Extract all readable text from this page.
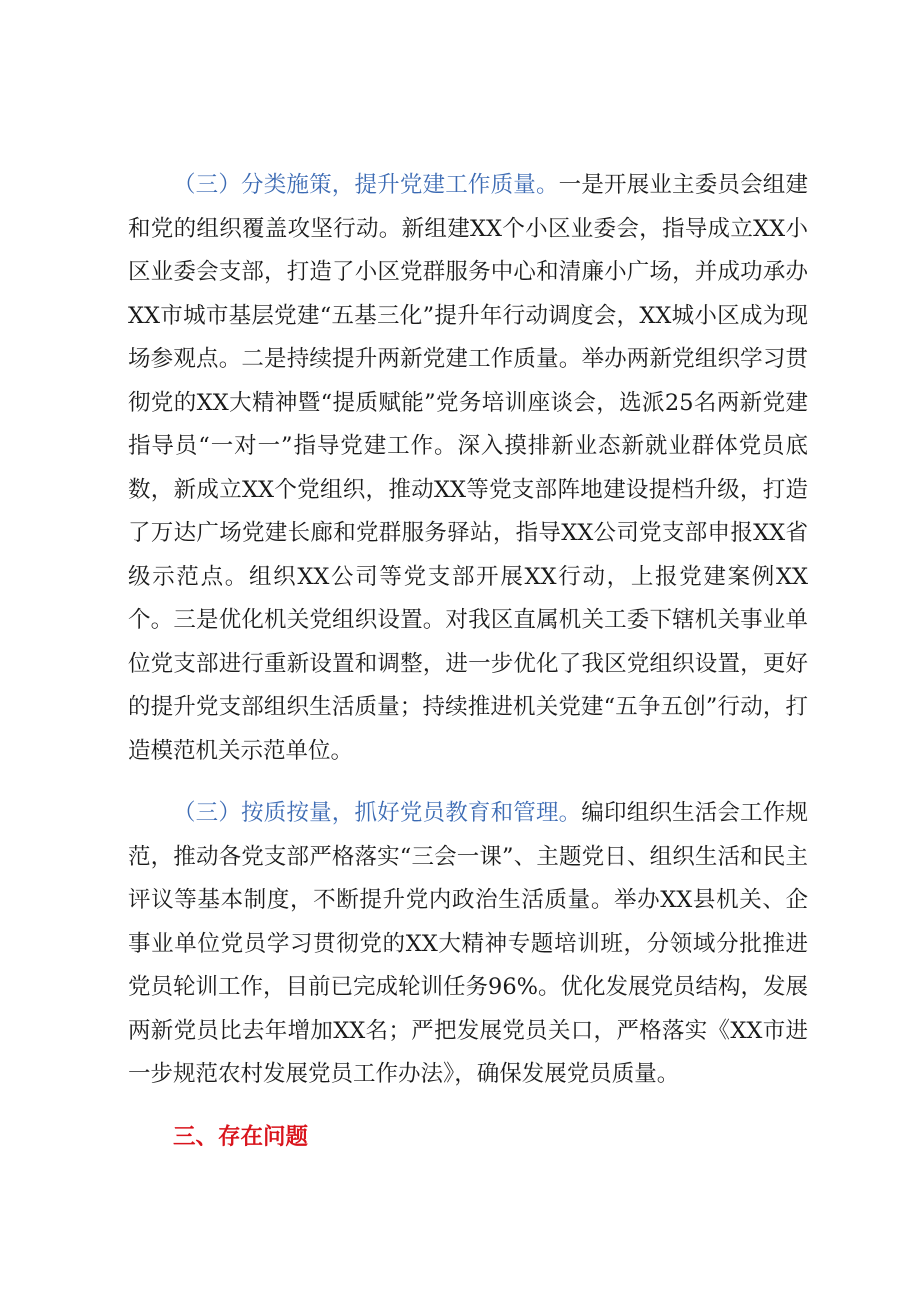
（三）分类施策，提升党建工作质量。一是开展业主委员会组建和党的组织覆盖攻坚行动。新组建XX个小区业委会，指导成立XX小区业委会支部，打造了小区党群服务中心和清廉小广场，并成功承办XX市城市基层党建“五基三化”提升年行动调度会，XX城小区成为现场参观点。二是持续提升两新党建工作质量。举办两新党组织学习贯彻党的XX大精神暨“提质赋能”党务培训座谈会，选派25名两新党建指导员“一对一”指导党建工作。深入摸排新业态新就业群体党员底数，新成立XX个党组织，推动XX等党支部阵地建设提档升级，打造了万达广场党建长廊和党群服务驿站，指导XX公司党支部申报XX省级示范点。组织XX公司等党支部开展XX行动，上报党建案例XX个。三是优化机关党组织设置。对我区直属机关工委下辖机关事业单位党支部进行重新设置和调整，进一步优化了我区党组织设置，更好的提升党支部组织生活质量；持续推进机关党建“五争五创”行动，打造模范机关示范单位。

（三）按质按量，抓好党员教育和管理。编印组织生活会工作规范，推动各党支部严格落实“三会一课”、主题党日、组织生活和民主评议等基本制度，不断提升党内政治生活质量。举办XX县机关、企事业单位党员学习贯彻党的XX大精神专题培训班，分领域分批推进党员轮训工作，目前已完成轮训任务96%。优化发展党员结构，发展两新党员比去年增加XX名；严把发展党员关口，严格落实《XX市进一步规范农村发展党员工作办法》，确保发展党员质量。

三、存在问题
